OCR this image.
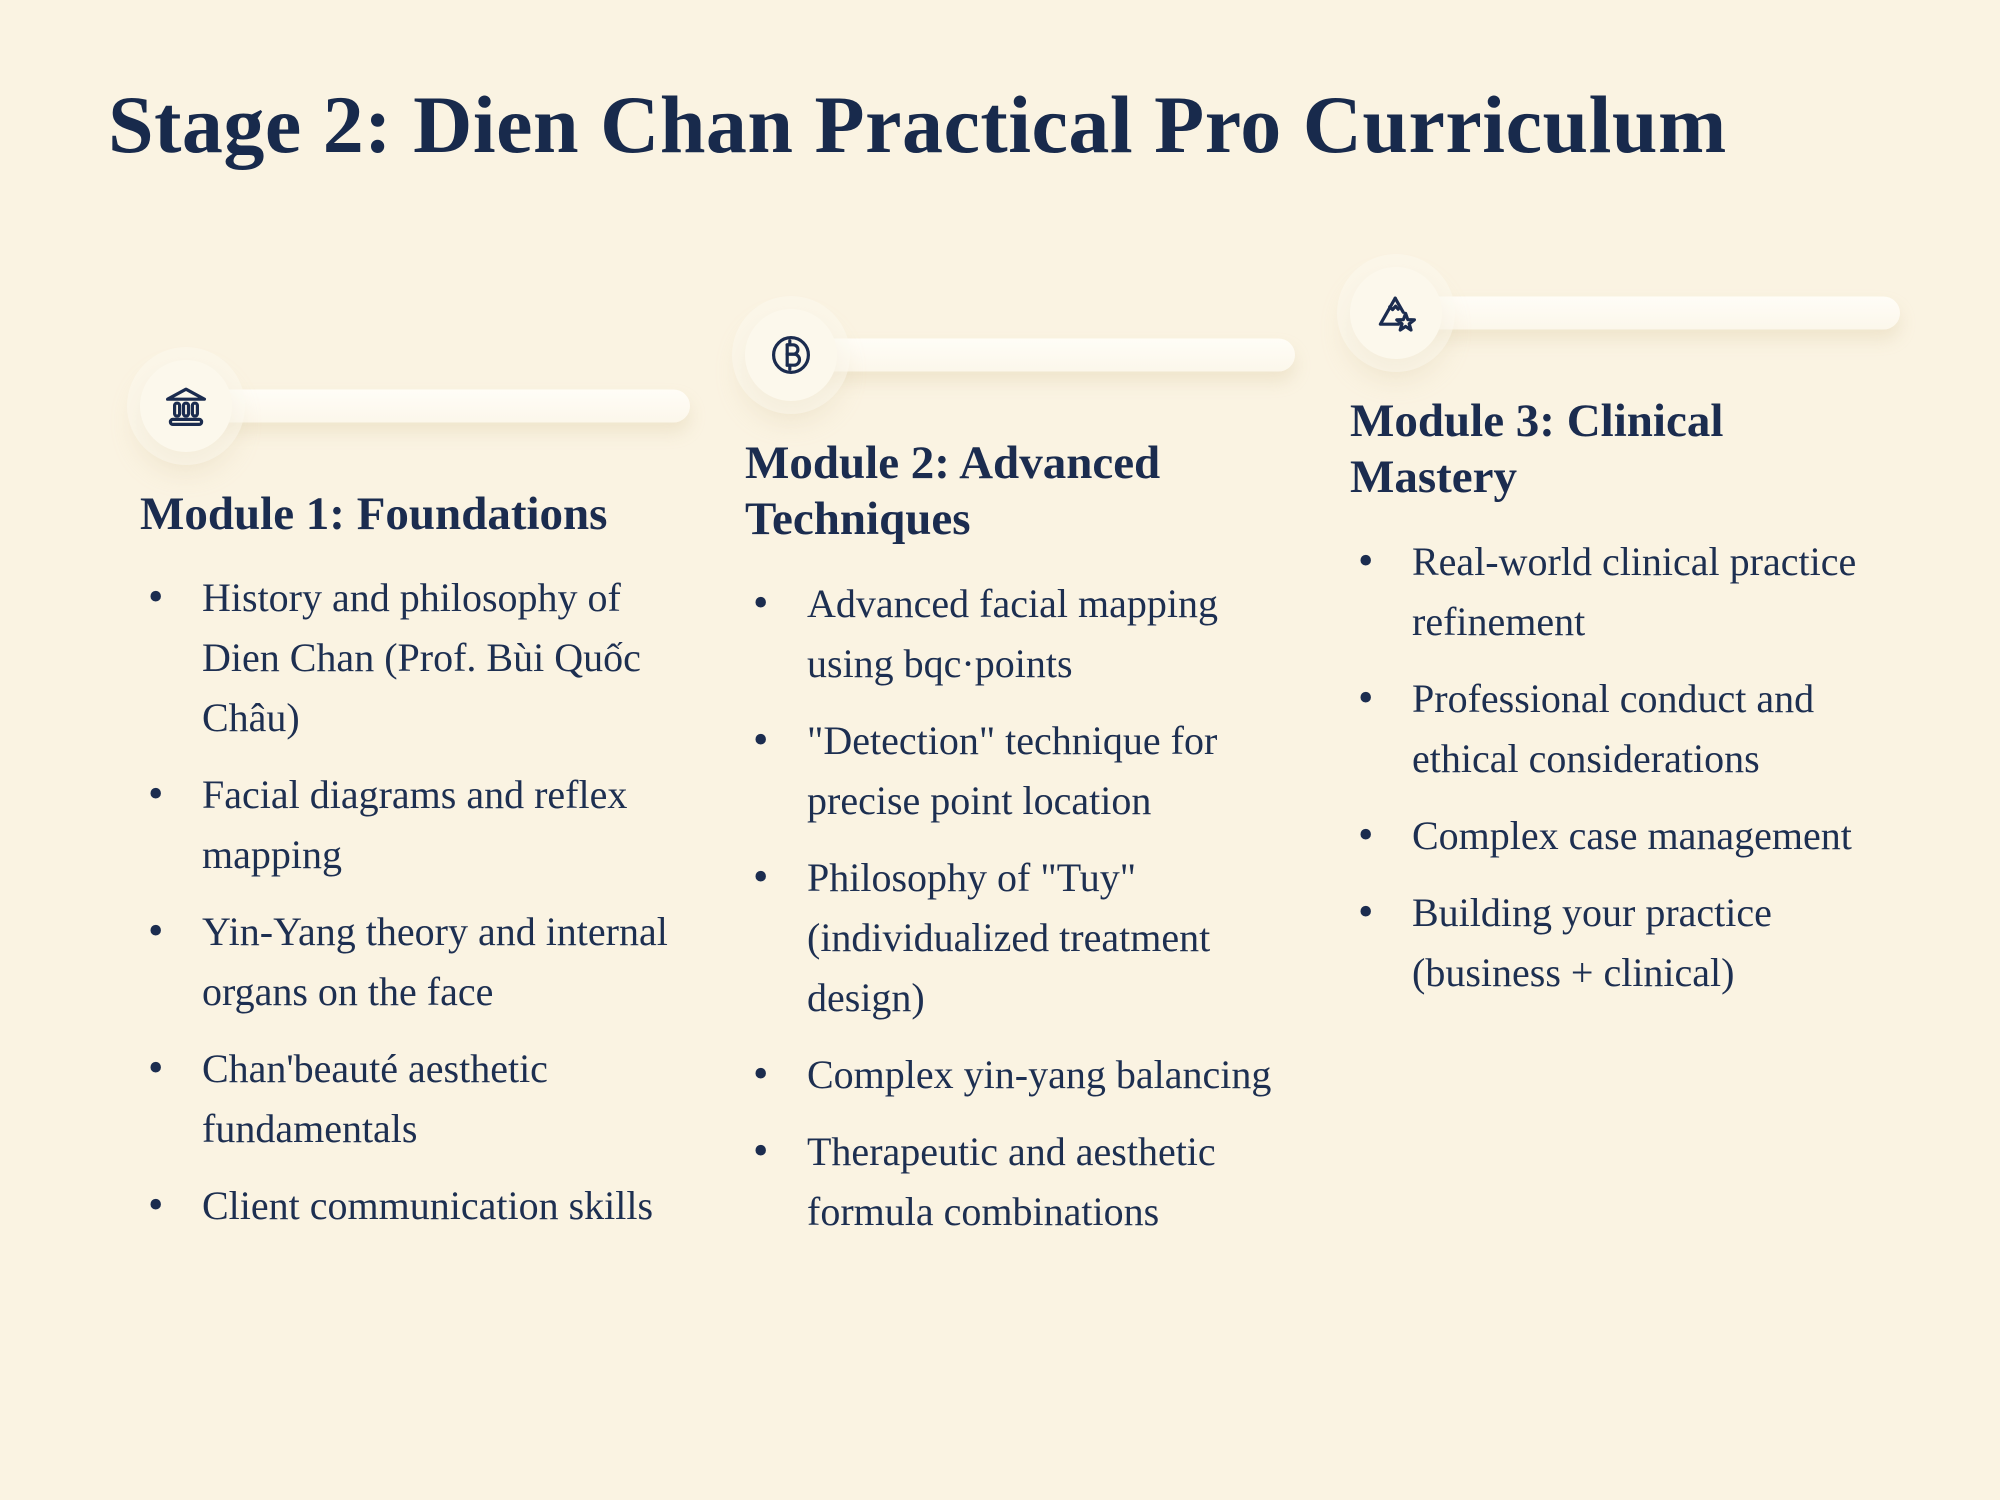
Stage 2: Dien Chan Practical Pro Curriculum
Module 1: Foundations
• History and philosophy of Dien Chan (Prof. Bùi Quốc Châu)
• Facial diagrams and reflex mapping
• Yin-Yang theory and internal organs on the face
• Chan'beauté aesthetic fundamentals
• Client communication skills
Module 2: Advanced Techniques
• Advanced facial mapping using bqc·points
• "Detection" technique for precise point location
• Philosophy of "Tuy" (individualized treatment design)
• Complex yin-yang balancing
• Therapeutic and aesthetic formula combinations
Module 3: Clinical Mastery
• Real-world clinical practice refinement
• Professional conduct and ethical considerations
• Complex case management
• Building your practice (business + clinical)
